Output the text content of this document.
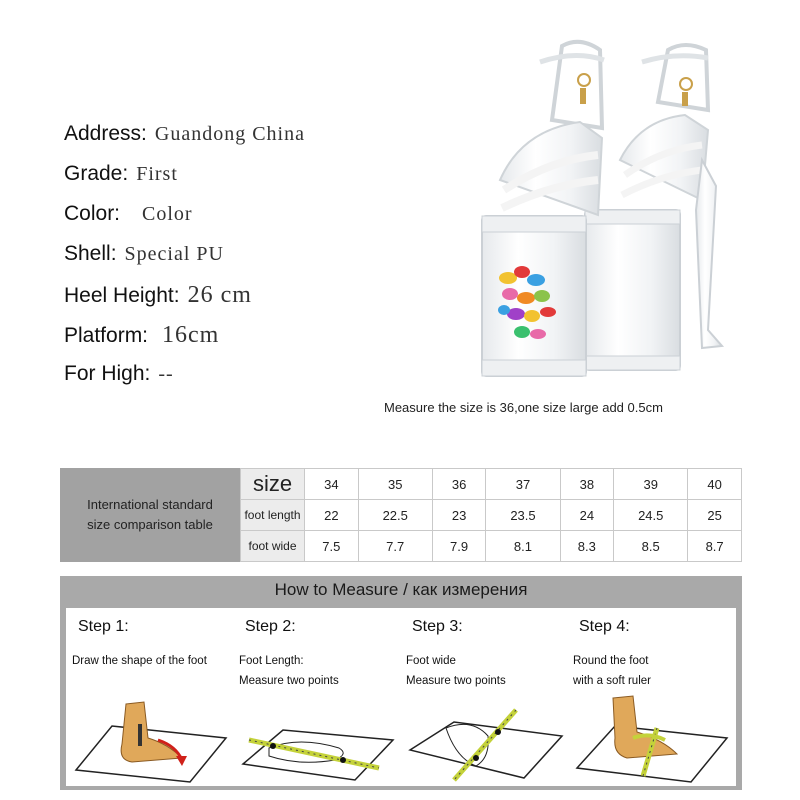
Address: Guandong China
Grade: First
Color: Color
Shell: Special PU
Heel Height: 26 cm
Platform: 16cm
For High: --
Measure the size is 36,one size large add 0.5cm
International standard
size comparison table
size	34	35	36	37	38	39	40
foot length	22	22.5	23	23.5	24	24.5	25
foot wide	7.5	7.7	7.9	8.1	8.3	8.5	8.7
How to Measure / как измерения
Step 1:
Draw the shape of the foot
Step 2:
Foot Length:
Measure two points
Step 3:
Foot wide
Measure two points
Step 4:
Round the foot
with a soft ruler
